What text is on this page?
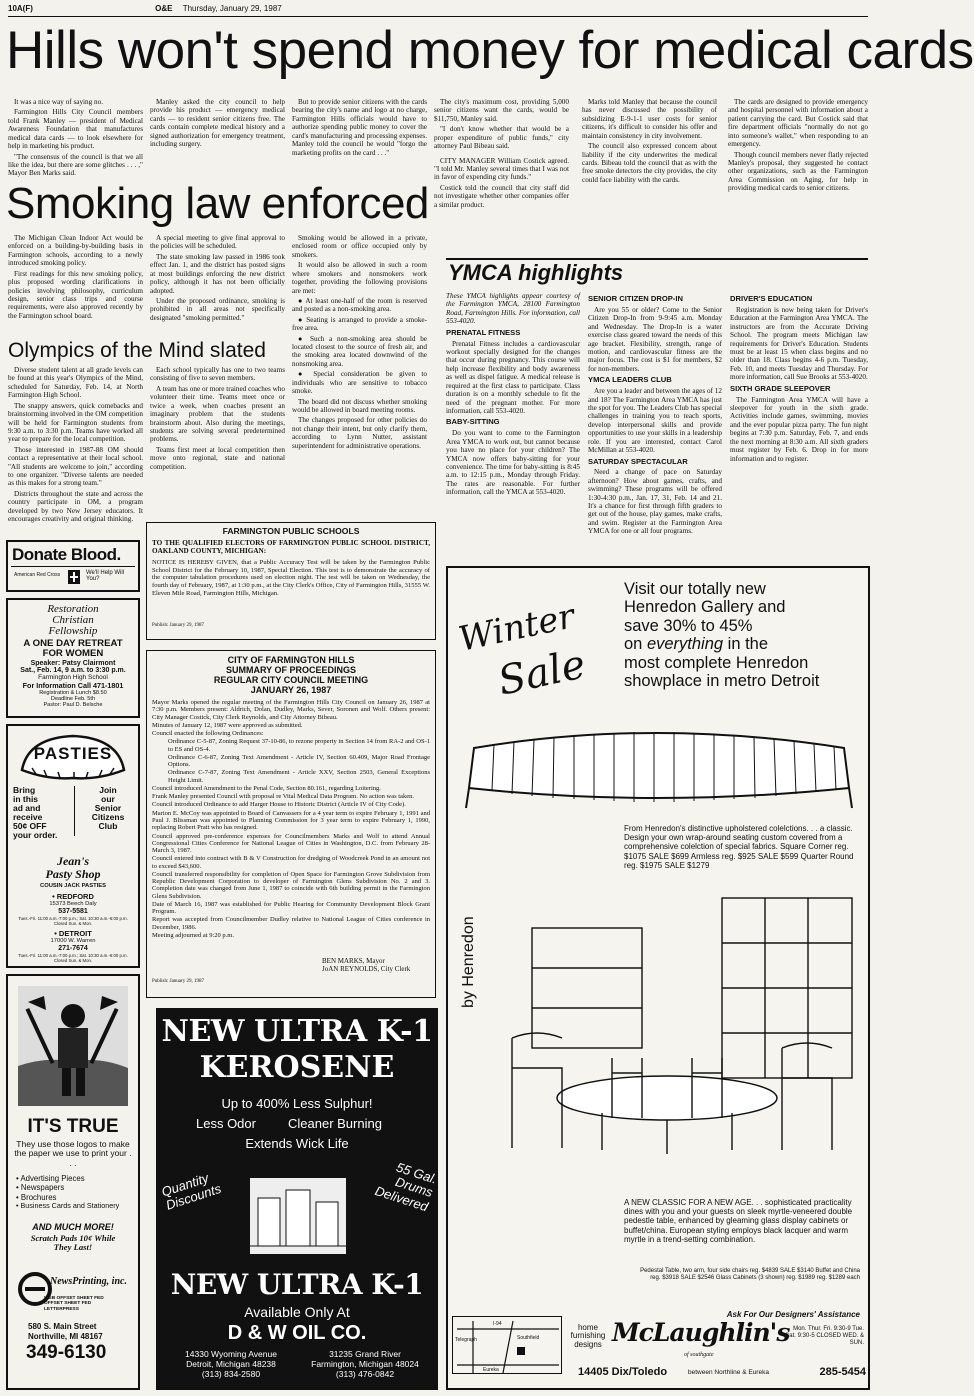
10A(F)	O&E Thursday, January 29, 1987
Hills won't spend money for medical cards

It was a nice way of saying no.

Farmington Hills City Council members told Frank Manley — president of Medical Awareness Foundation that manufactures medical data cards — to look elsewhere for help in marketing his product.

"The consensus of the council is that we all like the idea, but there are some glitches . . . ," Mayor Ben Marks said.

Manley asked the city council to help provide his product — emergency medical cards — to resident senior citizens free. The cards contain complete medical history and a signed authorization for emergency treatment, including surgery.

But to provide senior citizens with the cards bearing the city's name and logo at no charge, Farmington Hills officials would have to authorize spending public money to cover the card's manufacturing and processing expenses. Manley told the council he would "forgo the marketing profits on the card . . ."

The city's maximum cost, providing 5,000 senior citizens want the cards, would be $11,750, Manley said.

"I don't know whether that would be a proper expenditure of public funds," city attorney Paul Bibeau said.

CITY MANAGER William Costick agreed. "I told Mr. Manley several times that I was not in favor of expending city funds."

Costick told the council that city staff did not investigate whether other companies offer a similar product.

Marks told Manley that because the council has never discussed the possibility of subsidizing E-9-1-1 user costs for senior citizens, it's difficult to consider his offer and maintain consistency in city involvement.

The council also expressed concern about liability if the city underwrites the medical cards. Bibeau told the council that as with the free smoke detectors the city provides, the city could face liability with the cards.

The cards are designed to provide emergency and hospital personnel with information about a patient carrying the card. But Costick said that fire department officials "normally do not go into someone's wallet," when responding to an emergency.

Though council members never flatly rejected Manley's proposal, they suggested he contact other organizations, such as the Farmington Area Commission on Aging, for help in providing medical cards to senior citizens.

Smoking law enforced

The Michigan Clean Indoor Act would be enforced on a building-by-building basis in Farmington schools, according to a newly introduced smoking policy.

First readings for this new smoking policy, plus proposed wording clarifications in policies involving philosophy, curriculum design, senior class trips and course requirements, were also approved recently by the Farmington school board.

A special meeting to give final approval to the policies will be scheduled.

The state smoking law passed in 1986 took effect Jan. 1, and the district has posted signs at most buildings enforcing the new district policy, although it has not been officially adopted.

Under the proposed ordinance, smoking is prohibited in all areas not specifically designated "smoking permitted."

Smoking would be allowed in a private, enclosed room or office occupied only by smokers.

It would also be allowed in such a room where smokers and nonsmokers work together, providing the following provisions are met:

● At least one-half of the room is reserved and posted as a non-smoking area.

● Seating is arranged to provide a smoke-free area.

● Such a non-smoking area should be located closest to the source of fresh air, and the smoking area located downwind of the nonsmoking area.

● Special consideration be given to individuals who are sensitive to tobacco smoke.

The board did not discuss whether smoking would be allowed in board meeting rooms.

The changes proposed for other policies do not change their intent, but only clarify them, according to Lynn Nutter, assistant superintendent for administrative operations.

Olympics of the Mind slated

Diverse student talent at all grade levels can be found at this year's Olympics of the Mind, scheduled for Saturday, Feb. 14, at North Farmington High School.

The snappy answers, quick comebacks and brainstorming involved in the OM competition will be held for Farmington students from 9:30 a.m. to 3:30 p.m. Teams have worked all year to prepare for the local competition.

Those interested in 1987-88 OM should contact a representative at their local school. "All students are welcome to join," according to one organizer. "Diverse talents are needed as this makes for a strong team."

Districts throughout the state and across the country participate in OM, a program developed by two New Jersey educators. It encourages creativity and original thinking.

Each school typically has one to two teams consisting of five to seven members.

A team has one or more trained coaches who volunteer their time. Teams meet once or twice a week, when coaches present an imaginary problem that the students brainstorm about. Also during the meetings, students are solving several predetermined problems.

Teams first meet at local competition then move onto regional, state and national competition.

YMCA highlights

These YMCA highlights appear courtesy of the Farmington YMCA, 28100 Farmington Road, Farmington Hills. For information, call 553-4020.

PRENATAL FITNESS

Prenatal Fitness includes a cardiovascular workout specially designed for the changes that occur during pregnancy. This course will help increase flexibility and body awareness as well as dispel fatigue. A medical release is required at the first class to participate. Class duration is on a monthly schedule to fit the need of the pregnant mother. For more information, call 553-4020.

BABY-SITTING

Do you want to come to the Farmington Area YMCA to work out, but cannot because you have no place for your children? The YMCA now offers baby-sitting for your convenience. The time for baby-sitting is 8:45 a.m. to 12:15 p.m., Monday through Friday. The rates are reasonable. For further information, call the YMCA at 553-4020.

SENIOR CITIZEN DROP-IN

Are you 55 or older? Come to the Senior Citizen Drop-In from 9-9:45 a.m. Monday and Wednesday. The Drop-In is a water exercise class geared toward the needs of this age bracket. Flexibility, strength, range of motion, and cardiovascular fitness are the major focus. The cost is $1 for members, $2 for non-members.

YMCA LEADERS CLUB

Are you a leader and between the ages of 12 and 18? The Farmington Area YMCA has just the spot for you. The Leaders Club has special challenges in training you to teach sports, develop interpersonal skills and provide opportunities to use your skills in a leadership role. If you are interested, contact Carol McMillan at 553-4020.

SATURDAY SPECTACULAR

Need a change of pace on Saturday afternoon? How about games, crafts, and swimming? These programs will be offered 1:30-4:30 p.m., Jan. 17, 31, Feb. 14 and 21. It's a chance for first through fifth graders to get out of the house, play games, make crafts, and swim. Register at the Farmington Area YMCA for one or all four programs.

DRIVER'S EDUCATION

Registration is now being taken for Driver's Education at the Farmington Area YMCA. The instructors are from the Accurate Driving School. The program meets Michigan law requirements for Driver's Education. Students must be at least 15 when class begins and no older than 18. Class begins 4-6 p.m. Tuesday, Feb. 10, and meets Tuesday and Thursday. For more information, call Sue Brooks at 553-4020.

SIXTH GRADE SLEEPOVER

The Farmington Area YMCA will have a sleepover for youth in the sixth grade. Activities include games, swimming, movies and the ever popular pizza party. The fun night begins at 7:30 p.m. Saturday, Feb. 7, and ends the next morning at 8:30 a.m. All sixth graders must register by Feb. 6. Drop in for more information and to register.

FARMINGTON PUBLIC SCHOOLS
TO THE QUALIFIED ELECTORS OF FARMINGTON PUBLIC SCHOOL DISTRICT, OAKLAND COUNTY, MICHIGAN:
NOTICE IS HEREBY GIVEN, that a Public Accuracy Test will be taken by the Farmington Public School District for the February 10, 1987, Special Election. This test is to demonstrate the accuracy of the computer tabulation procedures used on election night. The test will be taken on Wednesday, the fourth day of February, 1987, at 1:30 p.m., at the City Clerk's Office, City of Farmington Hills, 31555 W. Eleven Mile Road, Farmington Hills, Michigan.
Publish: January 29, 1987
CITY OF FARMINGTON HILLS
SUMMARY OF PROCEEDINGS
REGULAR CITY COUNCIL MEETING
JANUARY 26, 1987

Mayor Marks opened the regular meeting of the Farmington Hills City Council on January 26, 1987 at 7:30 p.m. Members present: Aldrich, Dolan, Dudley, Marks, Sever, Soronen and Wolf. Others present: City Manager Costick, City Clerk Reynolds, and City Attorney Bibeau.

Minutes of January 12, 1987 were approved as submitted.

Council enacted the following Ordinances:

Ordinance C-5-87, Zoning Request 37-10-86, to rezone property in Section 14 from RA-2 and OS-1 to ES and OS-4.

Ordinance C-6-87, Zoning Text Amendment - Article IV, Section 60.409, Major Road Frontage Options.

Ordinance C-7-87, Zoning Text Amendment - Article XXV, Section 2503, General Exceptions Height Limit.

Council introduced Amendment to the Penal Code, Section 80.161, regarding Loitering.

Frank Manley presented Council with proposal re Vital Medical Data Program. No action was taken.

Council introduced Ordinance to add Harger House to Historic District (Article IV of City Code).

Marion E. McCoy was appointed to Board of Canvassers for a 4 year term to expire February 1, 1991 and Paul J. Blissman was appointed to Planning Commission for 3 year term to expire February 1, 1990, replacing Robert Pratt who has resigned.

Council approved pre-conference expenses for Councilmembers Marks and Wolf to attend Annual Congressional Cities Conference for National League of Cities in Washington, D.C. from February 28-March 3, 1987.

Council entered into contract with B & V Construction for dredging of Woodcreek Pond in an amount not to exceed $43,600.

Council transferred responsibility for completion of Open Space for Farmington Grove Subdivision from Republic Development Corporation to developer of Farmington Glens Subdivision No. 2 and 3. Completion date was changed from June 1, 1987 to coincide with 6th building permit in the Farmington Glens Subdivision.

Date of March 16, 1987 was established for Public Hearing for Community Development Block Grant Program.

Report was accepted from Councilmember Dudley relative to National League of Cities conference in December, 1986.

Meeting adjourned at 9:20 p.m.

BEN MARKS, Mayor
JoAN REYNOLDS, City Clerk
Publish: January 29, 1987
Donate Blood.
American Red Cross	We'll Help Will You?
Restoration
Christian
Fellowship
A ONE DAY RETREAT FOR WOMEN
Speaker: Patsy Clairmont
Sat., Feb. 14, 9 a.m. to 3:30 p.m.
Farmington High School
For Information Call 471-1801
Registration & Lunch $8.50
Deadline Feb. 5th
Pastor: Paul D. Belsche
PASTIES
Bring
in this
ad and
receive
50¢ OFF
your order.
Join
our
Senior
Citizens
Club
Jean's
Pasty Shop
COUSIN JACK PASTIES
• REDFORD
15373 Beech Daly
537-5581
Tues.-Fri. 11:00 a.m.-7:00 p.m.; Sat. 10:30 a.m.-6:00 p.m. Closed Sun. & Mon.
• DETROIT
17000 W. Warren
271-7674
Tues.-Fri. 11:00 a.m.-7:00 p.m.; Sat. 10:30 a.m.-6:00 p.m. Closed Sun. & Mon.
IT'S TRUE
They use those logos to make the paper we use to print your . . .
• Advertising Pieces
• Newspapers
• Brochures
• Business Cards and Stationery
AND MUCH MORE!
Scratch Pads 10¢ While They Last!
NewsPrinting, inc.
WEB OFFSET SHEET FED OFFSET SHEET FED LETTERPRESS
580 S. Main Street
Northville, MI 48167
349-6130
NEW ULTRA K-1
KEROSENE
Up to 400% Less Sulphur!
Less Odor	Cleaner Burning
Extends Wick Life
Quantity Discounts
55 Gal. Drums Delivered
NEW ULTRA K-1
Available Only At
D & W OIL CO.
14330 Wyoming Avenue
Detroit, Michigan 48238
(313) 834-2580
31235 Grand River
Farmington, Michigan 48024
(313) 476-0842
Winter
Sale
Visit our totally new
Henredon Gallery and
save 30% to 45%
on everything in the
most complete Henredon
showplace in metro Detroit
From Henredon's distinctive upholstered colelctions. . . a classic. Design your own wrap-around seating custom covered from a comprehensive colelction of special fabrics. Square Corner reg. $1075 SALE $699 Armless reg. $925 SALE $599 Quarter Round reg. $1975 SALE $1279
by Henredon
A NEW CLASSIC FOR A NEW AGE. . . sophisticated practicality dines with you and your guests on sleek myrtle-veneered double pedestle table, enhanced by gleaming glass display cabinets or buffet/china. European styling employs black lacquer and warm myrtle in a trend-setting combination.
Pedestal Table, two arm, four side chairs reg. $4839 SALE $3140 Buffet and China reg. $3918 SALE $2546 Glass Cabinets (3 shown) reg. $1989 reg. $1289 each
Ask For Our Designers' Assistance
I-94
Telegraph	Southfield
Eureka
home furnishing designs McLaughlin's
of southgate
Mon. Thur. Fri. 9:30-9 Tue. Sat. 9:30-5 CLOSED WED. & SUN.
14405 Dix/Toledo	between Northline & Eureka	285-5454
